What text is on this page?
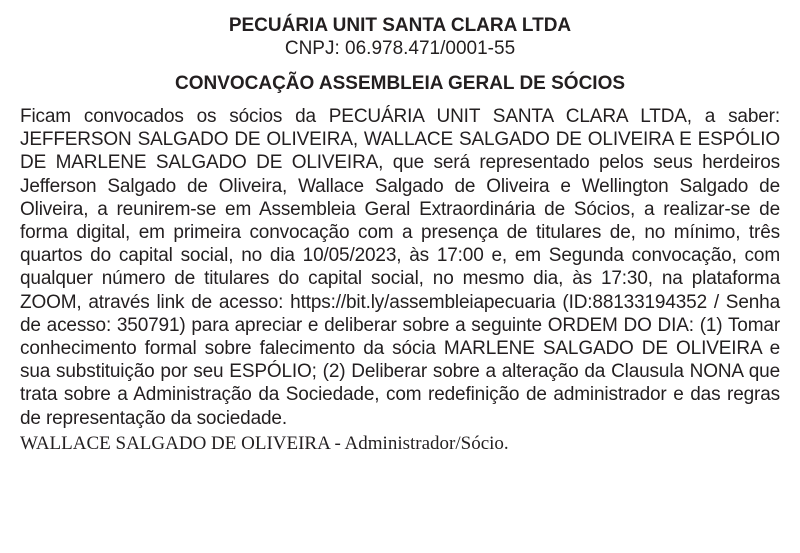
PECUÁRIA UNIT SANTA CLARA LTDA

CNPJ: 06.978.471/0001-55

CONVOCAÇÃO ASSEMBLEIA GERAL DE SÓCIOS

Ficam convocados os sócios da PECUÁRIA UNIT SANTA CLARA LTDA, a saber: JEFFERSON SALGADO DE OLIVEIRA, WALLACE SALGADO DE OLIVEIRA E ESPÓLIO DE MARLENE SALGADO DE OLIVEIRA, que será representado pelos seus herdeiros Jefferson Salgado de Oliveira, Wallace Salgado de Oliveira e Wellington Salgado de Oliveira, a reunirem-se em Assembleia Geral Extraordinária de Sócios, a realizar-se de forma digital, em primeira convocação com a presença de titulares de, no mínimo, três quartos do capital social, no dia 10/05/2023, às 17:00 e, em Segunda convocação, com qualquer número de titulares do capital social, no mesmo dia, às 17:30, na plataforma ZOOM, através link de acesso: https://bit.ly/assembleiapecuaria (ID:88133194352 / Senha de acesso: 350791) para apreciar e deliberar sobre a seguinte ORDEM DO DIA: (1) Tomar conhecimento formal sobre falecimento da sócia MARLENE SALGADO DE OLIVEIRA e sua substituição por seu ESPÓLIO; (2) Deliberar sobre a alteração da Clausula NONA que trata sobre a Administração da Sociedade, com redefinição de administrador e das regras de representação da sociedade.

WALLACE SALGADO DE OLIVEIRA - Administrador/Sócio.
